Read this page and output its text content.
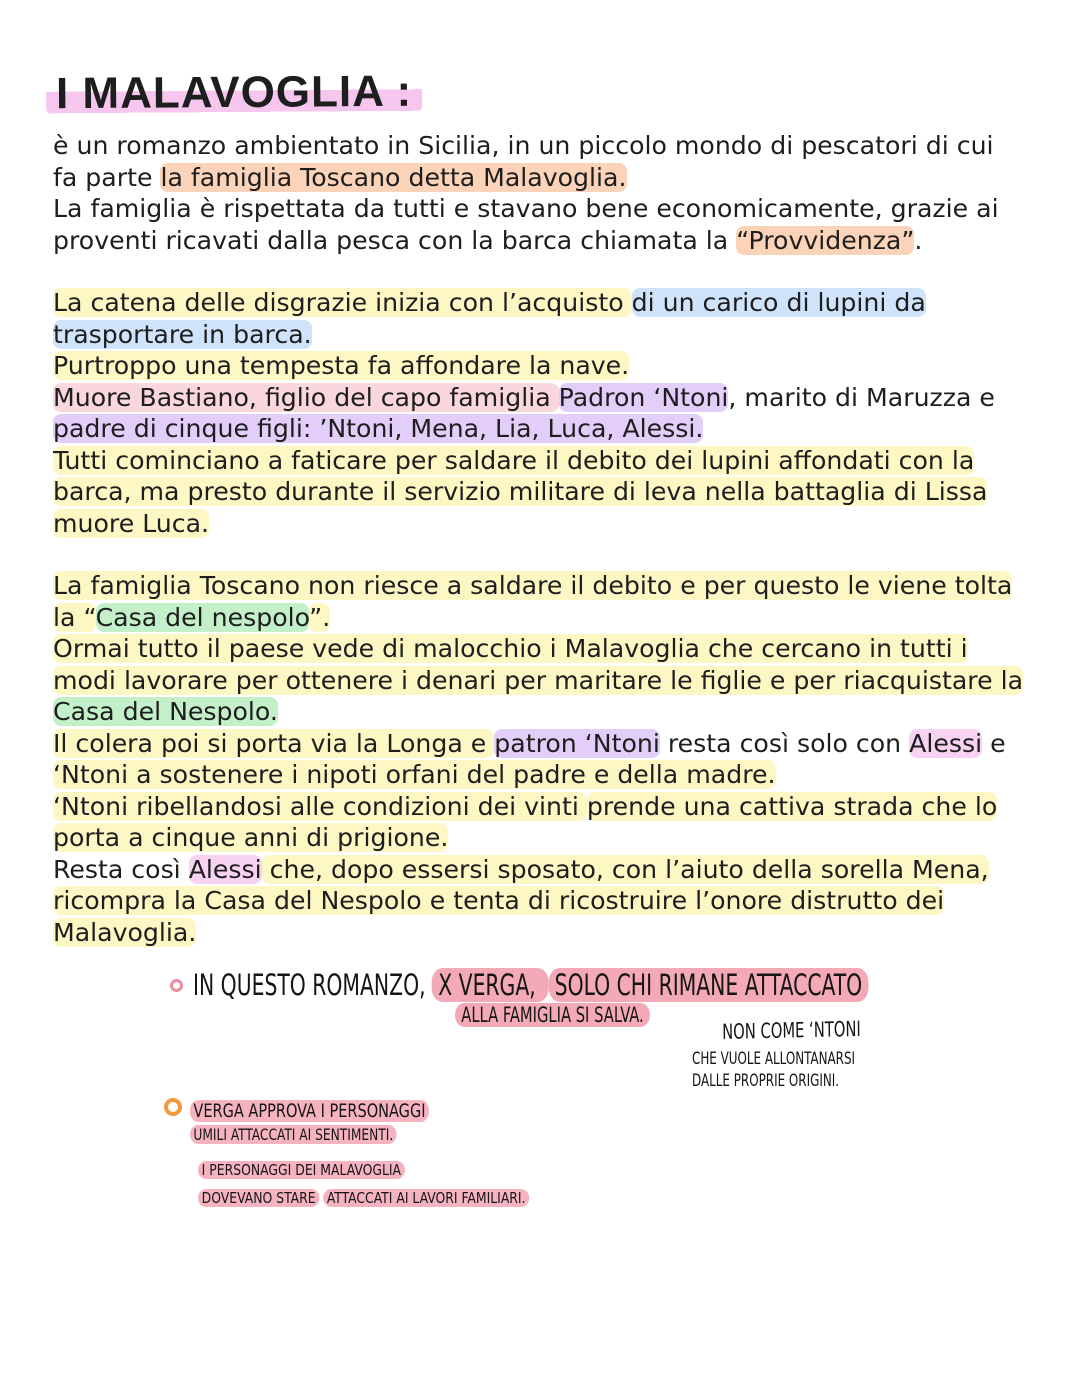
I MALAVOGLIA :
è un romanzo ambientato in Sicilia, in un piccolo mondo di pescatori di cui
fa parte la famiglia Toscano detta Malavoglia.
La famiglia è rispettata da tutti e stavano bene economicamente, grazie ai
proventi ricavati dalla pesca con la barca chiamata la “Provvidenza”.
La catena delle disgrazie inizia con l’acquisto di un carico di lupini da
trasportare in barca.
Purtroppo una tempesta fa affondare la nave.
Muore Bastiano, figlio del capo famiglia Padron ‘Ntoni, marito di Maruzza e
padre di cinque figli: ’Ntoni, Mena, Lia, Luca, Alessi.
Tutti cominciano a faticare per saldare il debito dei lupini affondati con la
barca, ma presto durante il servizio militare di leva nella battaglia di Lissa
muore Luca.
La famiglia Toscano non riesce a saldare il debito e per questo le viene tolta
la “Casa del nespolo”.
Ormai tutto il paese vede di malocchio i Malavoglia che cercano in tutti i
modi lavorare per ottenere i denari per maritare le figlie e per riacquistare la
Casa del Nespolo.
Il colera poi si porta via la Longa e patron ‘Ntoni resta così solo con Alessi e
‘Ntoni a sostenere i nipoti orfani del padre e della madre.
‘Ntoni ribellandosi alle condizioni dei vinti prende una cattiva strada che lo
porta a cinque anni di prigione.
Resta così Alessi che, dopo essersi sposato, con l’aiuto della sorella Mena,
ricompra la Casa del Nespolo e tenta di ricostruire l’onore distrutto dei
Malavoglia.
IN QUESTO ROMANZO, X VERGA, SOLO CHI RIMANE ATTACCATO
ALLA FAMIGLIA SI SALVA.
NON COME ‘NTONI
CHE VUOLE ALLONTANARSI
DALLE PROPRIE ORIGINI.
VERGA APPROVA I PERSONAGGI
UMILI ATTACCATI AI SENTIMENTI.
I PERSONAGGI DEI MALAVOGLIA
DOVEVANO STARE ATTACCATI AI LAVORI FAMILIARI.
